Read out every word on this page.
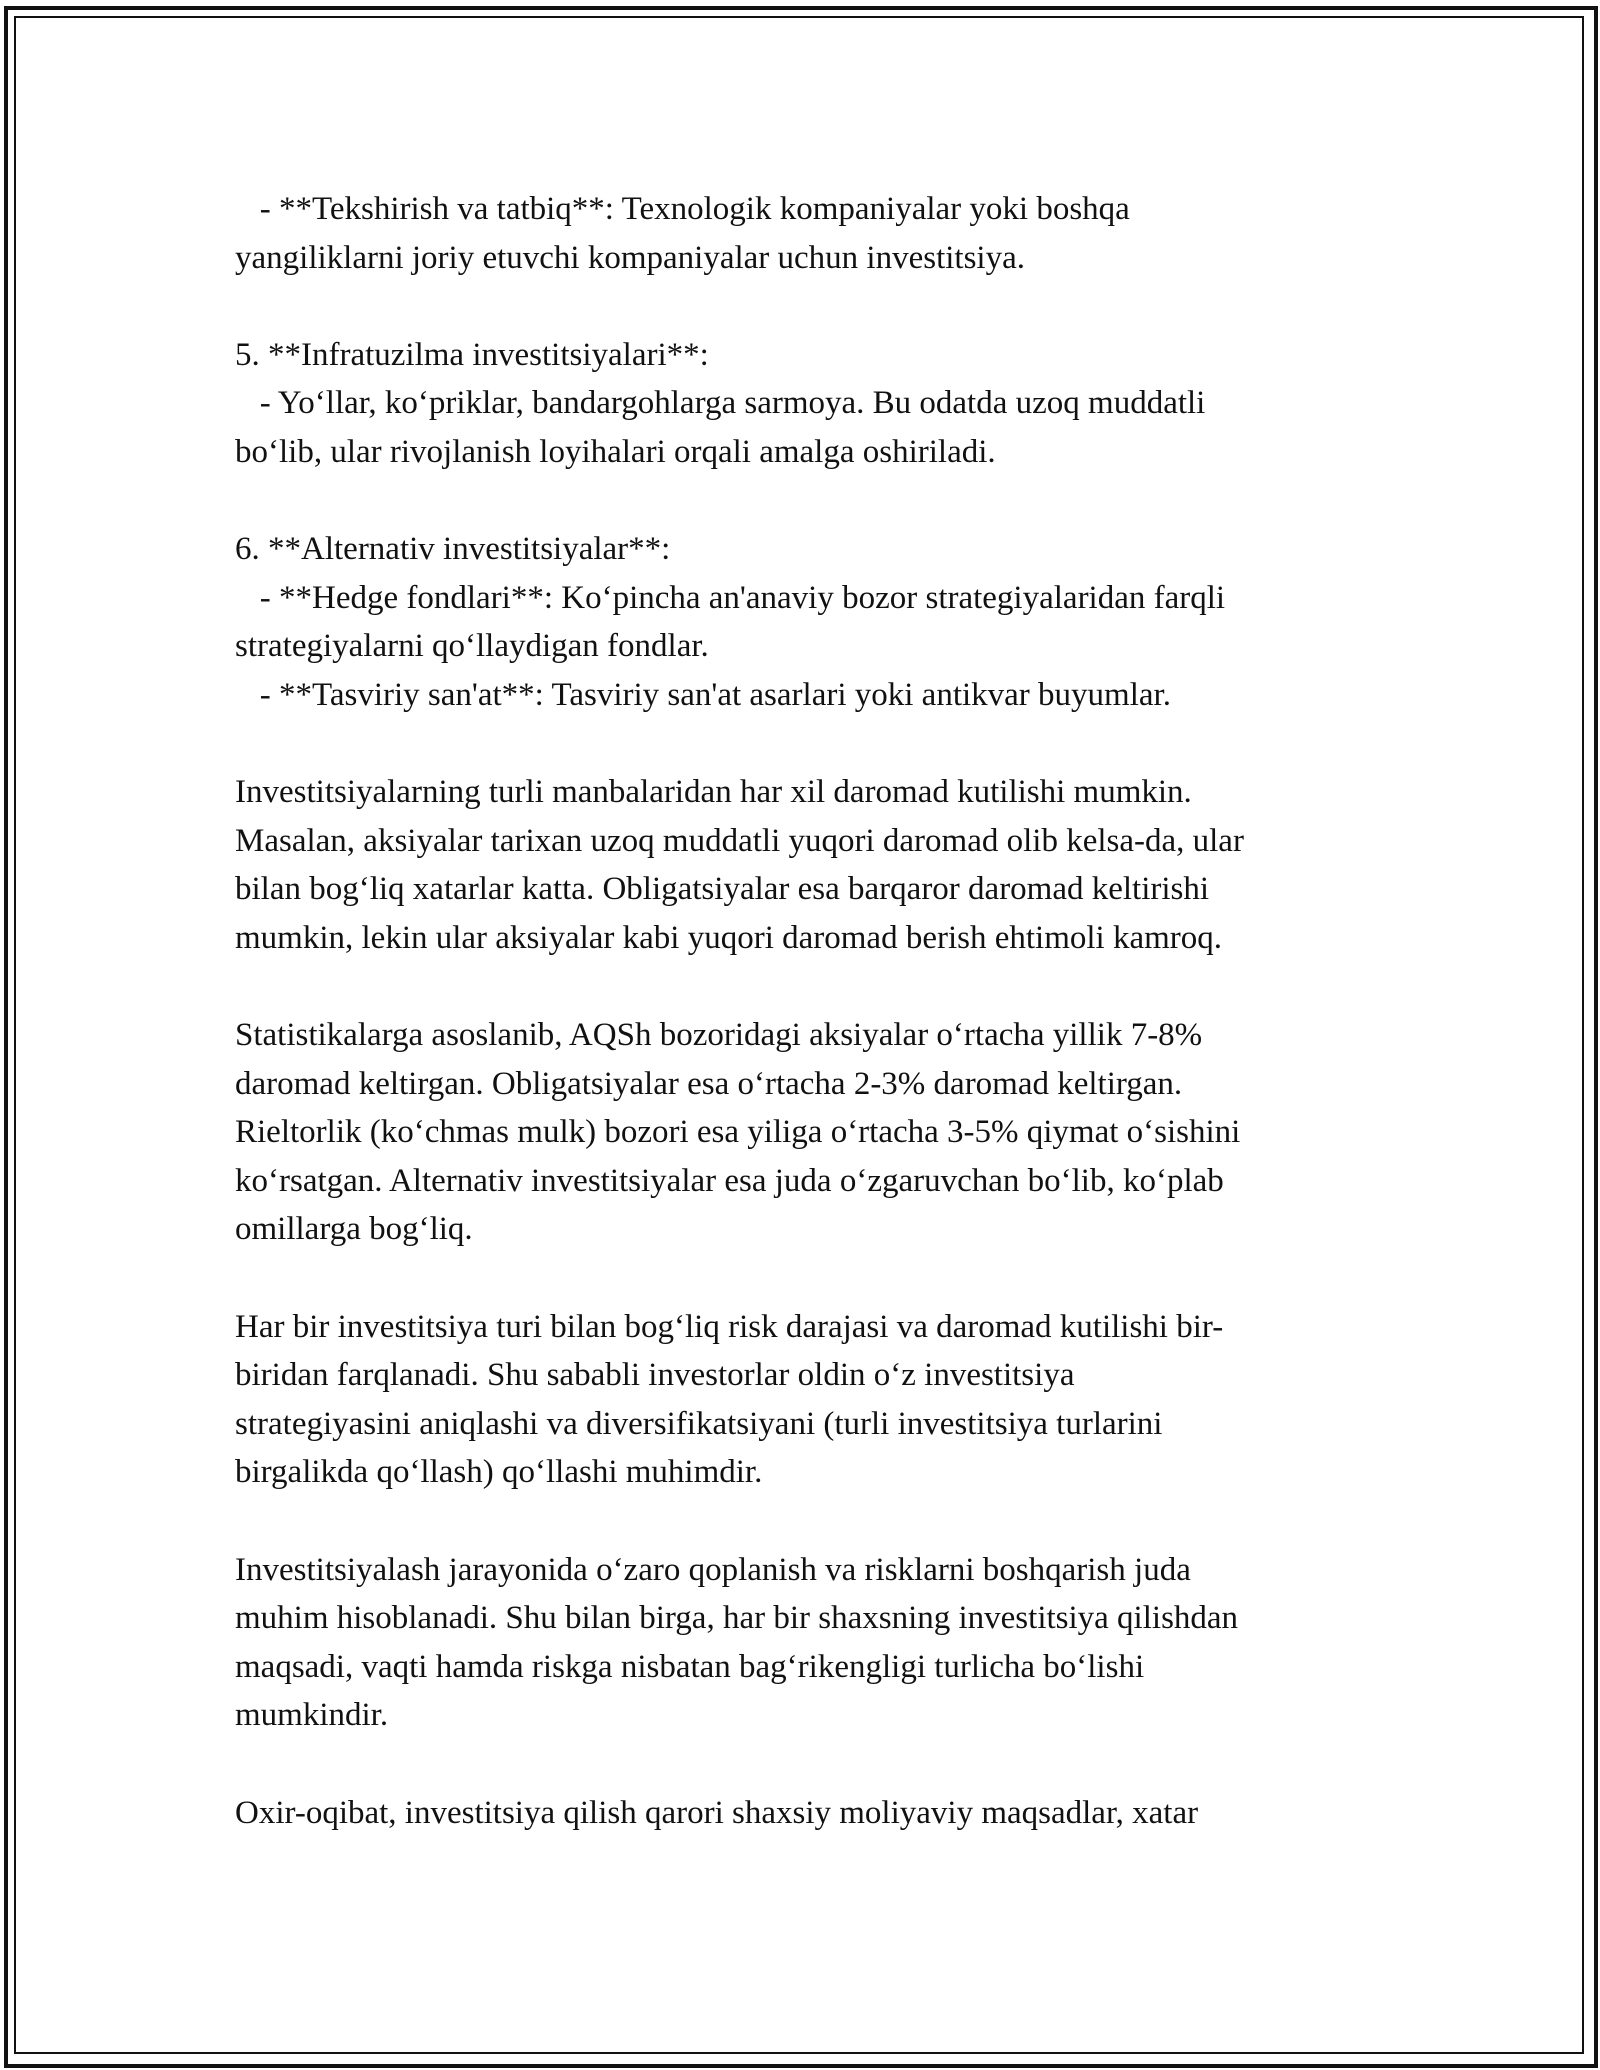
- **Tekshirish va tatbiq**: Texnologik kompaniyalar yoki boshqa
yangiliklarni joriy etuvchi kompaniyalar uchun investitsiya.
5. **Infratuzilma investitsiyalari**:
- Yo‘llar, ko‘priklar, bandargohlarga sarmoya. Bu odatda uzoq muddatli
bo‘lib, ular rivojlanish loyihalari orqali amalga oshiriladi.
6. **Alternativ investitsiyalar**:
- **Hedge fondlari**: Ko‘pincha an'anaviy bozor strategiyalaridan farqli
strategiyalarni qo‘llaydigan fondlar.
- **Tasviriy san'at**: Tasviriy san'at asarlari yoki antikvar buyumlar.
Investitsiyalarning turli manbalaridan har xil daromad kutilishi mumkin.
Masalan, aksiyalar tarixan uzoq muddatli yuqori daromad olib kelsa-da, ular
bilan bog‘liq xatarlar katta. Obligatsiyalar esa barqaror daromad keltirishi
mumkin, lekin ular aksiyalar kabi yuqori daromad berish ehtimoli kamroq.
Statistikalarga asoslanib, AQSh bozoridagi aksiyalar o‘rtacha yillik 7-8%
daromad keltirgan. Obligatsiyalar esa o‘rtacha 2-3% daromad keltirgan.
Rieltorlik (ko‘chmas mulk) bozori esa yiliga o‘rtacha 3-5% qiymat o‘sishini
ko‘rsatgan. Alternativ investitsiyalar esa juda o‘zgaruvchan bo‘lib, ko‘plab
omillarga bog‘liq.
Har bir investitsiya turi bilan bog‘liq risk darajasi va daromad kutilishi bir-
biridan farqlanadi. Shu sababli investorlar oldin o‘z investitsiya
strategiyasini aniqlashi va diversifikatsiyani (turli investitsiya turlarini
birgalikda qo‘llash) qo‘llashi muhimdir.
Investitsiyalash jarayonida o‘zaro qoplanish va risklarni boshqarish juda
muhim hisoblanadi. Shu bilan birga, har bir shaxsning investitsiya qilishdan
maqsadi, vaqti hamda riskga nisbatan bag‘rikengligi turlicha bo‘lishi
mumkindir.
Oxir-oqibat, investitsiya qilish qarori shaxsiy moliyaviy maqsadlar, xatar
